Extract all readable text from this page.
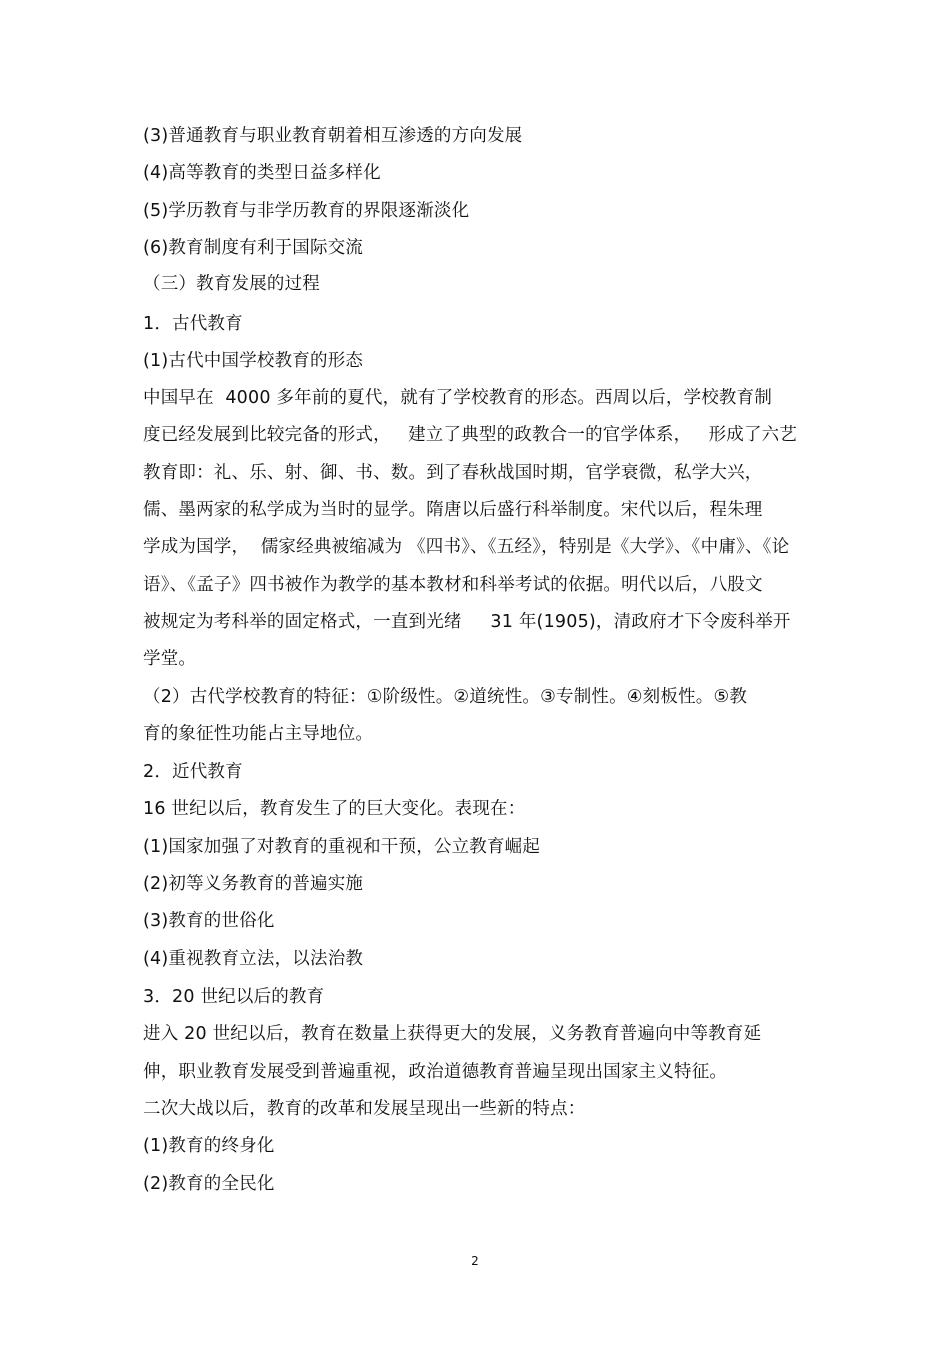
(3)普通教育与职业教育朝着相互渗透的方向发展
(4)高等教育的类型日益多样化
(5)学历教育与非学历教育的界限逐渐淡化
(6)教育制度有利于国际交流
（三）教育发展的过程
1．古代教育
(1)古代中国学校教育的形态
中国早在  4000 多年前的夏代，就有了学校教育的形态。西周以后，学校教育制
度已经发展到比较完备的形式，   建立了典型的政教合一的官学体系，   形成了六艺
教育即：礼、乐、射、御、书、数。到了春秋战国时期，官学衰微，私学大兴，
儒、墨两家的私学成为当时的显学。隋唐以后盛行科举制度。宋代以后，程朱理
学成为国学，  儒家经典被缩减为 《四书》、《五经》，特别是《大学》、《中庸》、《论
语》、《孟子》四书被作为教学的基本教材和科举考试的依据。明代以后，八股文
被规定为考科举的固定格式，一直到光绪     31 年(1905)，清政府才下令废科举开
学堂。
（2）古代学校教育的特征：①阶级性。②道统性。③专制性。④刻板性。⑤教
育的象征性功能占主导地位。
2．近代教育
16 世纪以后，教育发生了的巨大变化。表现在：
(1)国家加强了对教育的重视和干预，公立教育崛起
(2)初等义务教育的普遍实施
(3)教育的世俗化
(4)重视教育立法，以法治教
3．20 世纪以后的教育
进入 20 世纪以后，教育在数量上获得更大的发展，义务教育普遍向中等教育延
伸，职业教育发展受到普遍重视，政治道德教育普遍呈现出国家主义特征。
二次大战以后，教育的改革和发展呈现出一些新的特点：
(1)教育的终身化
(2)教育的全民化
2
